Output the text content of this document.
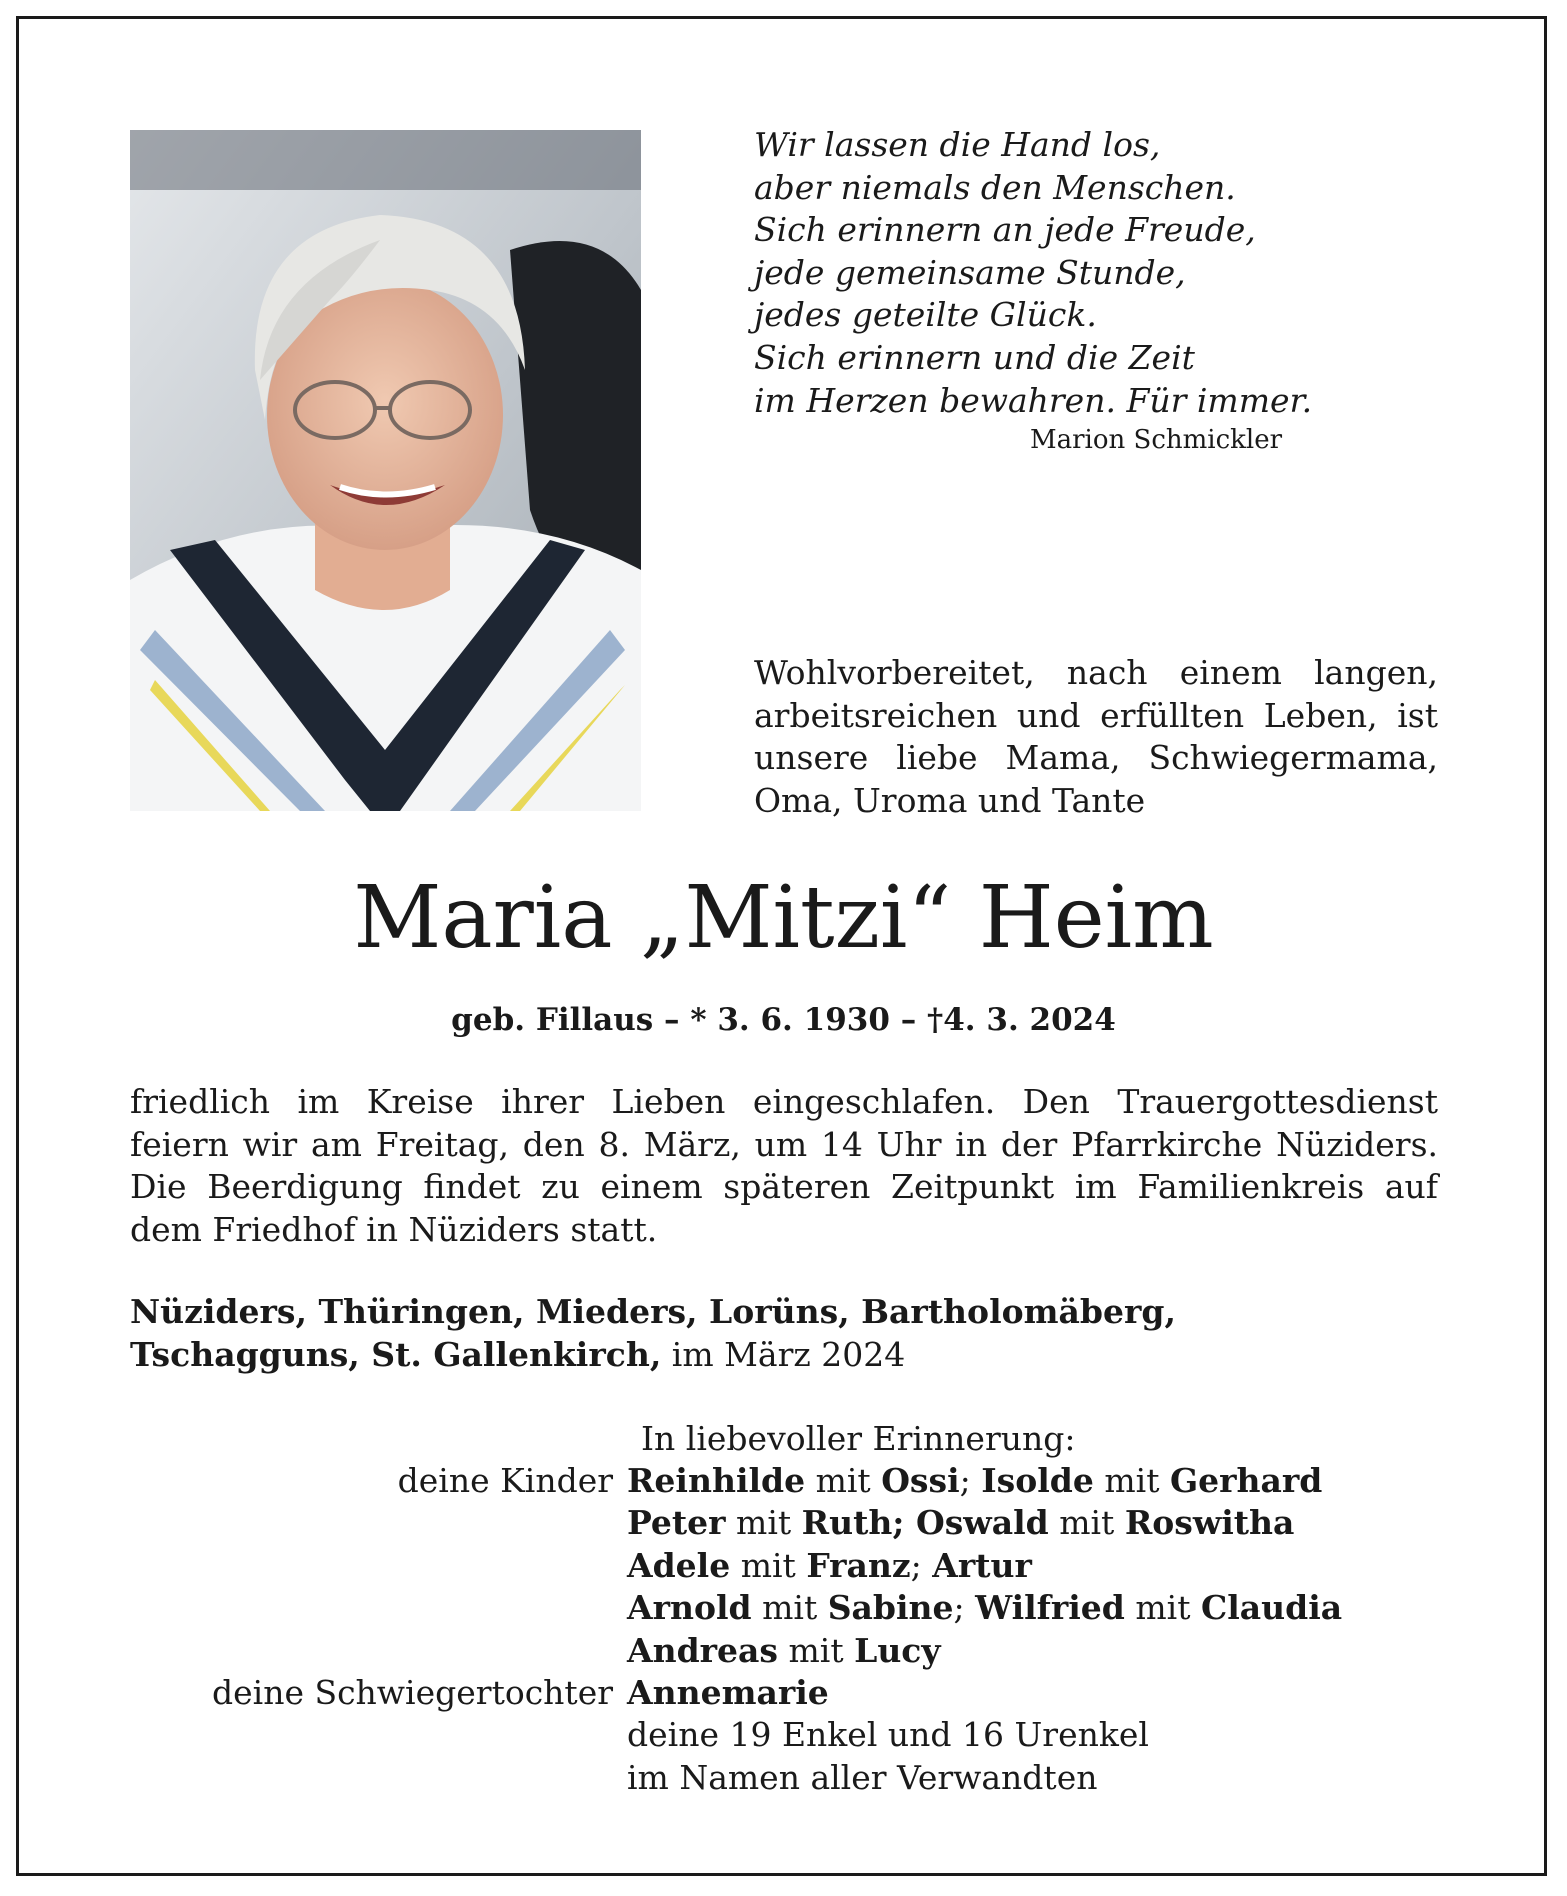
Wir lassen die Hand los,
aber niemals den Menschen.
Sich erinnern an jede Freude,
jede gemeinsame Stunde,
jedes geteilte Glück.
Sich erinnern und die Zeit
im Herzen bewahren. Für immer.
Marion Schmickler
Wohlvorbereitet, nach einem langen,
arbeitsreichen und erfüllten Leben, ist
unsere liebe Mama, Schwiegermama,
Oma, Uroma und Tante
Maria „Mitzi“ Heim
geb. Fillaus – * 3. 6. 1930 – †4. 3. 2024
friedlich im Kreise ihrer Lieben eingeschlafen. Den Trauergottesdienst
feiern wir am Freitag, den 8. März, um 14 Uhr in der Pfarrkirche Nüziders.
Die Beerdigung findet zu einem späteren Zeitpunkt im Familienkreis auf
dem Friedhof in Nüziders statt.
Nüziders, Thüringen, Mieders, Lorüns, Bartholomäberg,
Tschagguns, St. Gallenkirch, im März 2024
In liebevoller Erinnerung:
deine Kinder Reinhilde mit Ossi; Isolde mit Gerhard
Peter mit Ruth; Oswald mit Roswitha
Adele mit Franz; Artur
Arnold mit Sabine; Wilfried mit Claudia
Andreas mit Lucy
deine Schwiegertochter Annemarie
deine 19 Enkel und 16 Urenkel
im Namen aller Verwandten
